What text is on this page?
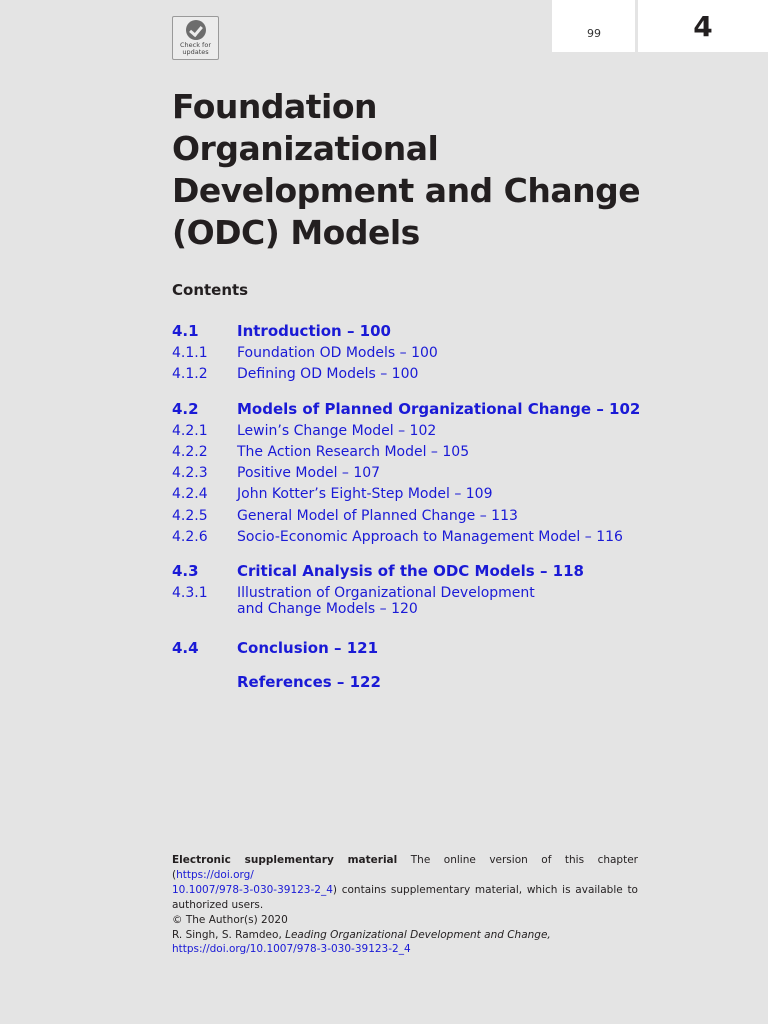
99	4
Check for updates
Foundation
Organizational
Development and Change
(ODC) Models
Contents
4.1	Introduction – 100
4.1.1 Foundation OD Models – 100
4.1.2 Defining OD Models – 100
4.2	Models of Planned Organizational Change – 102
4.2.1 Lewin’s Change Model – 102
4.2.2 The Action Research Model – 105
4.2.3 Positive Model – 107
4.2.4 John Kotter’s Eight-Step Model – 109
4.2.5 General Model of Planned Change – 113
4.2.6 Socio-Economic Approach to Management Model – 116
4.3	Critical Analysis of the ODC Models – 118
4.3.1 Illustration of Organizational Development
and Change Models – 120
4.4	Conclusion – 121
References – 122
Electronic supplementary material The online version of this chapter (https://doi.org/
10.1007/978-3-030-39123-2_4) contains supplementary material, which is available to authorized users.
© The Author(s) 2020
R. Singh, S. Ramdeo, Leading Organizational Development and Change,
https://doi.org/10.1007/978-3-030-39123-2_4
